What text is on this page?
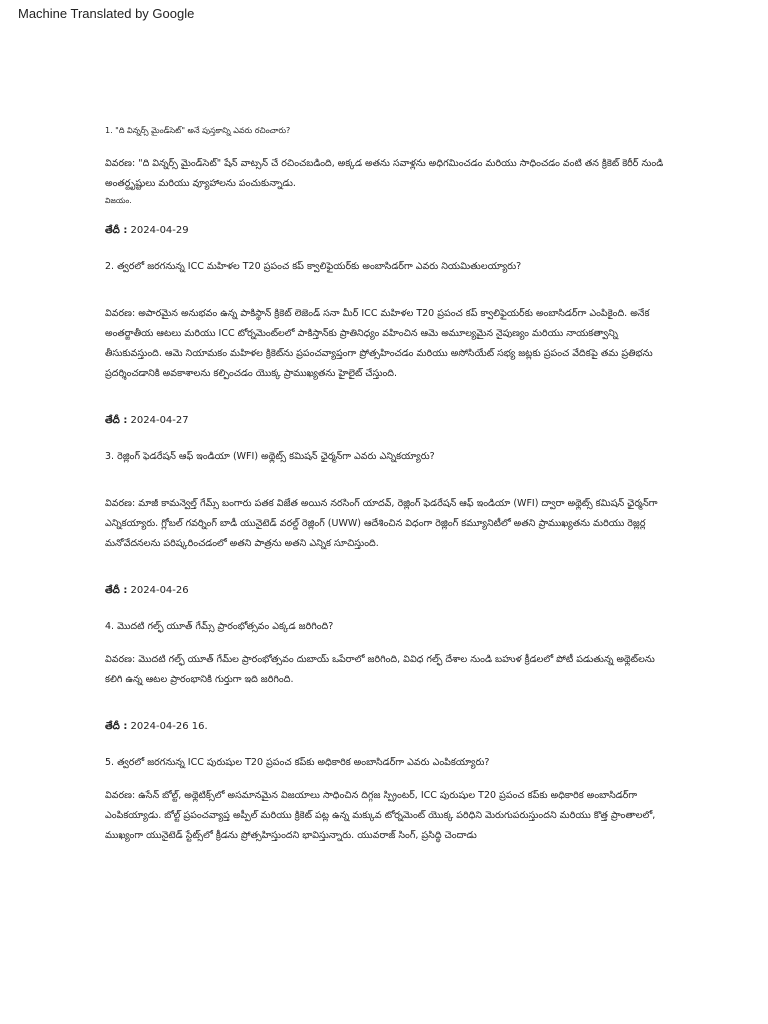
Machine Translated by Google

1. "ది విన్నర్స్ మైండ్‌సెట్" అనే పుస్తకాన్ని ఎవరు రచించారు?

వివరణ: "ది విన్నర్స్ మైండ్‌సెట్" షేన్ వాట్సన్ చే రచించబడింది, అక్కడ అతను సవాళ్లను అధిగమించడం మరియు సాధించడం వంటి తన క్రికెట్ కెరీర్ నుండి అంతర్దృష్టులు మరియు వ్యూహాలను పంచుకున్నాడు.

విజయం.

తేదీ : 2024-04-29

2. త్వరలో జరగనున్న ICC మహిళల T20 ప్రపంచ కప్ క్వాలిఫైయర్‌కు అంబాసిడర్‌గా ఎవరు నియమితులయ్యారు?

వివరణ: అపారమైన అనుభవం ఉన్న పాకిస్థాన్ క్రికెట్ లెజెండ్ సనా మీర్ ICC మహిళల T20 ప్రపంచ కప్ క్వాలిఫైయర్‌కు అంబాసిడర్‌గా ఎంపికైంది. అనేక అంతర్జాతీయ ఆటలు మరియు ICC టోర్నమెంట్‌లలో పాకిస్తాన్‌కు ప్రాతినిధ్యం వహించిన ఆమె అమూల్యమైన నైపుణ్యం మరియు నాయకత్వాన్ని తీసుకువస్తుంది. ఆమె నియామకం మహిళల క్రికెట్‌ను ప్రపంచవ్యాప్తంగా ప్రోత్సహించడం మరియు అసోసియేట్ సభ్య జట్లకు ప్రపంచ వేదికపై తమ ప్రతిభను ప్రదర్శించడానికి అవకాశాలను కల్పించడం యొక్క ప్రాముఖ్యతను హైలైట్ చేస్తుంది.

తేదీ : 2024-04-27

3. రెజ్లింగ్ ఫెడరేషన్ ఆఫ్ ఇండియా (WFI) అథ్లెట్స్ కమిషన్ ఛైర్మన్‌గా ఎవరు ఎన్నికయ్యారు?

వివరణ: మాజీ కామన్వెల్త్ గేమ్స్ బంగారు పతక విజేత అయిన నరసింగ్ యాదవ్, రెజ్లింగ్ ఫెడరేషన్ ఆఫ్ ఇండియా (WFI) ద్వారా అథ్లెట్స్ కమిషన్ ఛైర్మన్‌గా ఎన్నికయ్యారు. గ్లోబల్ గవర్నింగ్ బాడీ యునైటెడ్ వరల్డ్ రెజ్లింగ్ (UWW) ఆదేశించిన విధంగా రెజ్లింగ్ కమ్యూనిటీలో అతని ప్రాముఖ్యతను మరియు రెజ్లర్ల మనోవేదనలను పరిష్కరించడంలో అతని పాత్రను అతని ఎన్నిక సూచిస్తుంది.

తేదీ : 2024-04-26

4. మొదటి గల్ఫ్ యూత్ గేమ్స్ ప్రారంభోత్సవం ఎక్కడ జరిగింది?

వివరణ: మొదటి గల్ఫ్ యూత్ గేమ్‌ల ప్రారంభోత్సవం దుబాయ్ ఒపేరాలో జరిగింది, వివిధ గల్ఫ్ దేశాల నుండి బహుళ క్రీడలలో పోటీ పడుతున్న అథ్లెట్‌లను కలిగి ఉన్న ఆటల ప్రారంభానికి గుర్తుగా ఇది జరిగింది.

తేదీ : 2024-04-26 16.

5. త్వరలో జరగనున్న ICC పురుషుల T20 ప్రపంచ కప్‌కు అధికారిక అంబాసిడర్‌గా ఎవరు ఎంపికయ్యారు?

వివరణ: ఉసేన్ బోల్ట్, అథ్లెటిక్స్‌లో అసమానమైన విజయాలు సాధించిన దిగ్గజ స్ప్రింటర్, ICC పురుషుల T20 ప్రపంచ కప్‌కు అధికారిక అంబాసిడర్‌గా ఎంపికయ్యాడు. బోల్ట్ ప్రపంచవ్యాప్త అప్పీల్ మరియు క్రికెట్ పట్ల ఉన్న మక్కువ టోర్నమెంట్ యొక్క పరిధిని మెరుగుపరుస్తుందని మరియు కొత్త ప్రాంతాలలో, ముఖ్యంగా యునైటెడ్ స్టేట్స్‌లో క్రీడను ప్రోత్సహిస్తుందని భావిస్తున్నారు. యువరాజ్ సింగ్, ప్రసిద్ధి చెందాడు
